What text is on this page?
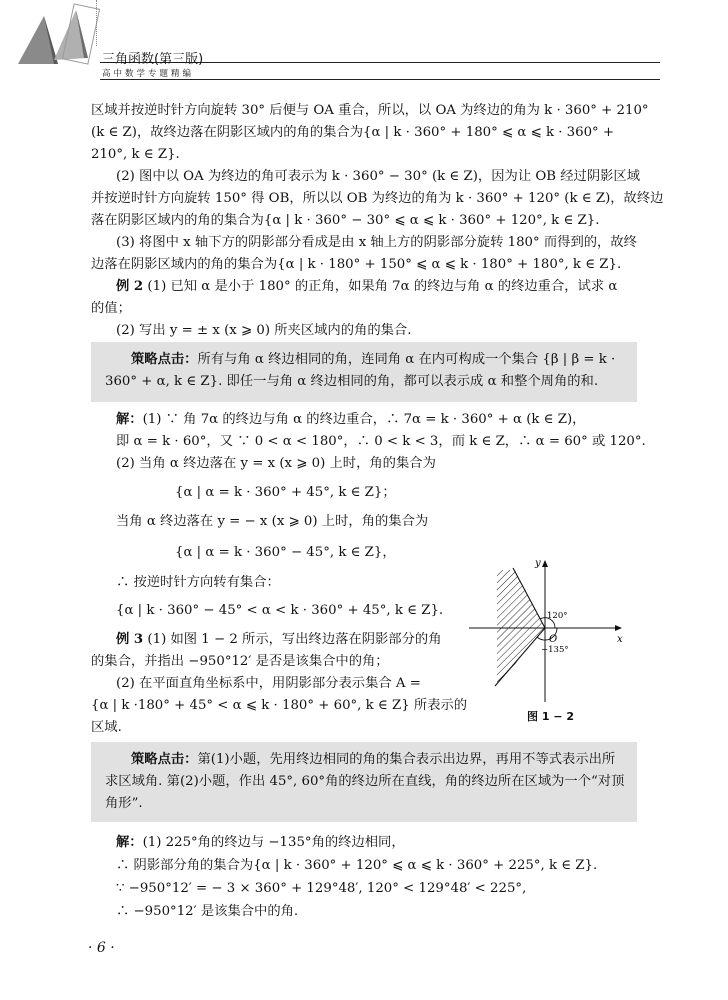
三角函数(第三版)
高中数学专题精编
区域并按逆时针方向旋转 30° 后便与 OA 重合，所以，以 OA 为终边的角为 k · 360° + 210°
(k ∈ Z)，故终边落在阴影区域内的角的集合为{α | k · 360° + 180° ⩽ α ⩽ k · 360° +
210°, k ∈ Z}.
(2) 图中以 OA 为终边的角可表示为 k · 360° − 30° (k ∈ Z)，因为让 OB 经过阴影区域
并按逆时针方向旋转 150° 得 OB，所以以 OB 为终边的角为 k · 360° + 120° (k ∈ Z)，故终边
落在阴影区域内的角的集合为{α | k · 360° − 30° ⩽ α ⩽ k · 360° + 120°, k ∈ Z}.
(3) 将图中 x 轴下方的阴影部分看成是由 x 轴上方的阴影部分旋转 180° 而得到的，故终
边落在阴影区域内的角的集合为{α | k · 180° + 150° ⩽ α ⩽ k · 180° + 180°, k ∈ Z}.
例 2 (1) 已知 α 是小于 180° 的正角，如果角 7α 的终边与角 α 的终边重合，试求 α
的值；
(2) 写出 y = ± x (x ⩾ 0) 所夹区域内的角的集合.
策略点击：所有与角 α 终边相同的角，连同角 α 在内可构成一个集合 {β | β = k ·
360° + α, k ∈ Z}. 即任一与角 α 终边相同的角，都可以表示成 α 和整个周角的和.
解：(1) ∵ 角 7α 的终边与角 α 的终边重合，∴ 7α = k · 360° + α (k ∈ Z)，
即 α = k · 60°，又 ∵ 0 < α < 180°，∴ 0 < k < 3，而 k ∈ Z，∴ α = 60° 或 120°.
(2) 当角 α 终边落在 y = x (x ⩾ 0) 上时，角的集合为
{α | α = k · 360° + 45°, k ∈ Z}；
当角 α 终边落在 y = − x (x ⩾ 0) 上时，角的集合为
{α | α = k · 360° − 45°, k ∈ Z}，
∴ 按逆时针方向转有集合：
{α | k · 360° − 45° < α < k · 360° + 45°, k ∈ Z}.
例 3 (1) 如图 1 − 2 所示，写出终边落在阴影部分的角
的集合，并指出 −950°12′ 是否是该集合中的角；
(2) 在平面直角坐标系中，用阴影部分表示集合 A =
{α | k ·180° + 45° < α ⩽ k · 180° + 60°, k ∈ Z} 所表示的
区域.
y
x
O
120°
−135°
图 1 − 2
策略点击：第(1)小题，先用终边相同的角的集合表示出边界，再用不等式表示出所
求区域角. 第(2)小题，作出 45°, 60°角的终边所在直线，角的终边所在区域为一个“对顶
角形”.
解：(1) 225°角的终边与 −135°角的终边相同，
∴ 阴影部分角的集合为{α | k · 360° + 120° ⩽ α ⩽ k · 360° + 225°, k ∈ Z}.
∵ −950°12′ = − 3 × 360° + 129°48′, 120° < 129°48′ < 225°,
∴ −950°12′ 是该集合中的角.
· 6 ·
